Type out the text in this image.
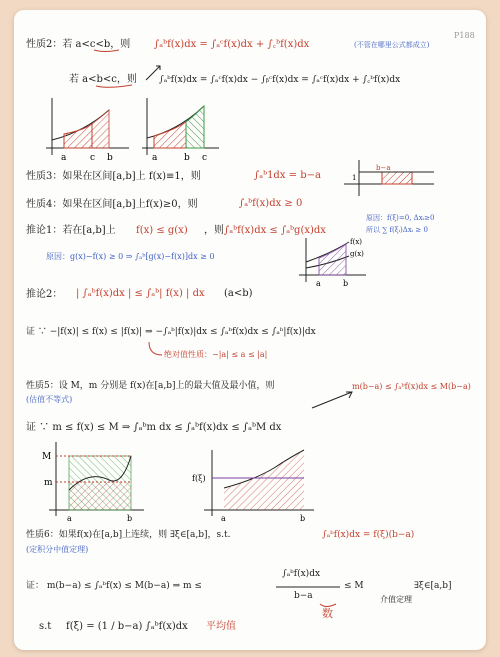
P188
性质2：若 a<c<b，则 ∫ₐᵇf(x)dx = ∫ₐᶜf(x)dx + ∫꜀ᵇf(x)dx	(不管在哪里公式都成立)
若 a<b<c，则 ∫ₐᵇf(x)dx = ∫ₐᶜf(x)dx − ∫ᵦᶜf(x)dx = ∫ₐᶜf(x)dx + ∫꜀ᵇf(x)dx
性质3：如果在区间[a,b]上 f(x)≡1，则	∫ₐᵇ1dx = b−a
性质4：如果在区间[a,b]上f(x)≥0，则	∫ₐᵇf(x)dx ≥ 0
推论1：若在[a,b]上 f(x) ≤ g(x) ，则 ∫ₐᵇf(x)dx ≤ ∫ₐᵇg(x)dx
原因：g(x)−f(x) ≥ 0 ⇒ ∫ₐᵇ[g(x)−f(x)]dx ≥ 0
原因：f(ξ)=0, Δxᵢ≥0
所以 ∑ f(ξᵢ)Δxᵢ ≥ 0
推论2： | ∫ₐᵇf(x)dx | ≤ ∫ₐᵇ| f(x) | dx (a<b)
证 ∵ −|f(x)| ≤ f(x) ≤ |f(x)| ⇒ −∫ₐᵇ|f(x)|dx ≤ ∫ₐᵇf(x)dx ≤ ∫ₐᵇ|f(x)|dx
绝对值性质：−|a| ≤ a ≤ |a|
性质5：设 M，m 分别是 f(x)在[a,b]上的最大值及最小值，则	m(b−a) ≤ ∫ₐᵇf(x)dx ≤ M(b−a)
(估值不等式)
证 ∵ m ≤ f(x) ≤ M ⇒ ∫ₐᵇm dx ≤ ∫ₐᵇf(x)dx ≤ ∫ₐᵇM dx
性质6：如果f(x)在[a,b]上连续，则 ∃ξ∈[a,b]，s.t.	∫ₐᵇf(x)dx = f(ξ)(b−a)
(定积分中值定理)
证： m(b−a) ≤ ∫ₐᵇf(x) ≤ M(b−a) ⇒ m ≤
∫ₐᵇf(x)dx
b−a
≤ M
数
介值定理
∃ξ∈[a,b]
s.t f(ξ) = (1 / b−a) ∫ₐᵇf(x)dx 平均值
a	c b	a	b c
b−a
1
f(x)
g(x)
a	b
M
m
a	b
f(ξ)
a	b
